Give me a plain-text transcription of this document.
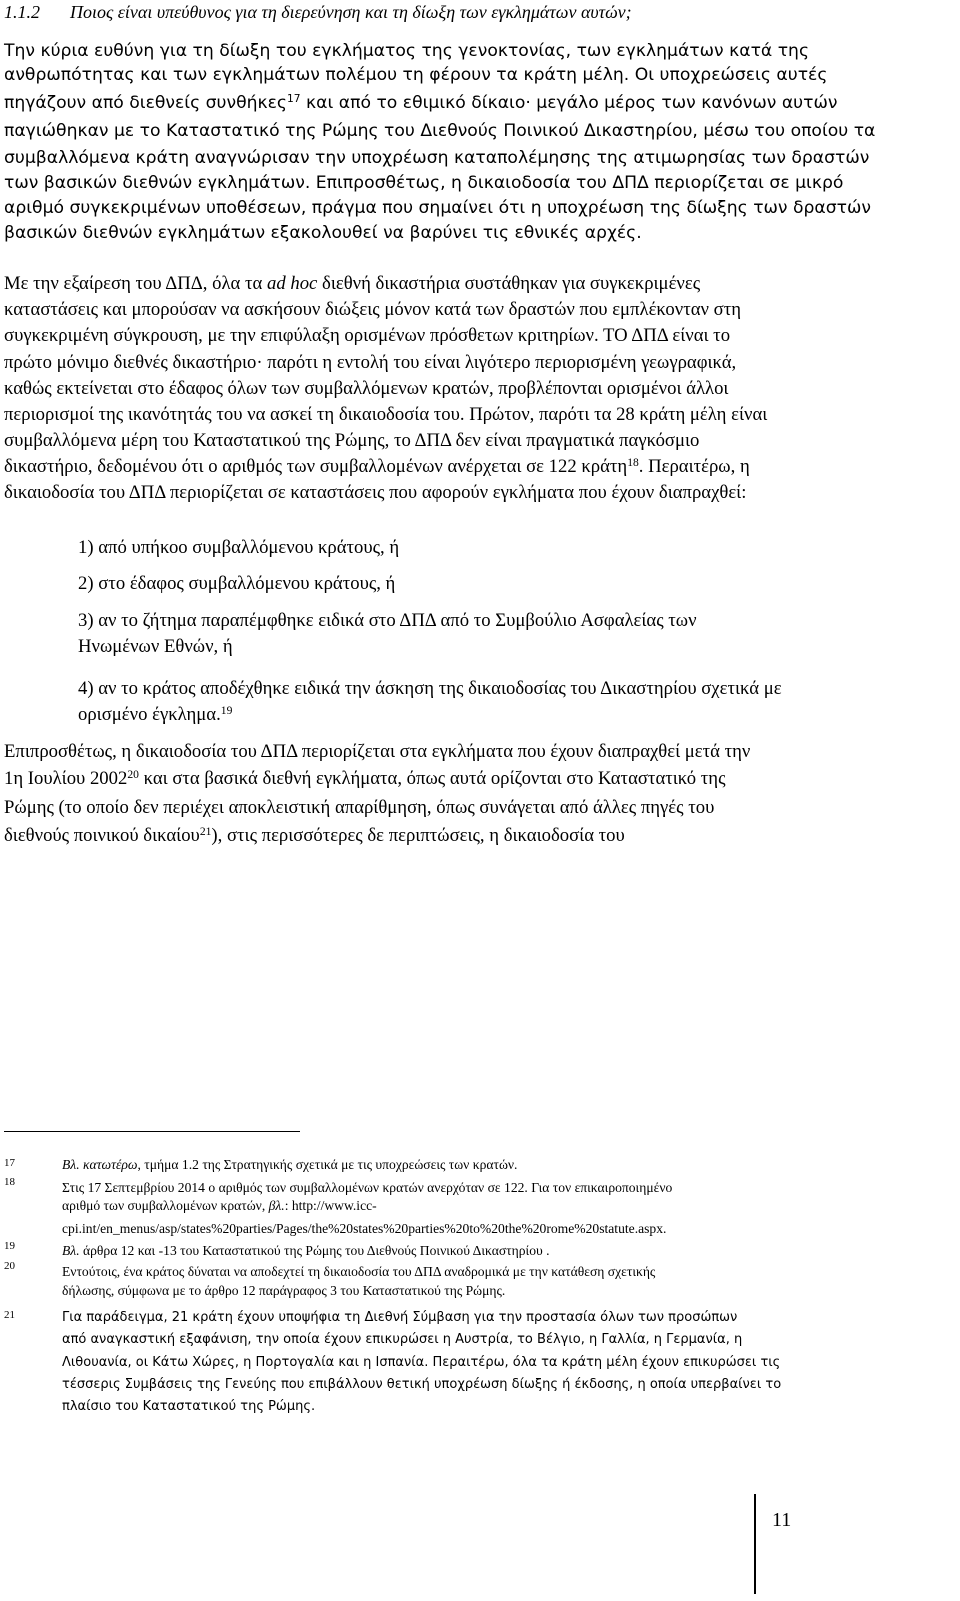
1.1.2 Ποιος είναι υπεύθυνος για τη διερεύνηση και τη δίωξη των εγκλημάτων αυτών;
Την κύρια ευθύνη για τη δίωξη του εγκλήματος της γενοκτονίας, των εγκλημάτων κατά της
ανθρωπότητας και των εγκλημάτων πολέμου τη φέρουν τα κράτη μέλη. Οι υποχρεώσεις αυτές
πηγάζουν από διεθνείς συνθήκες$^{17}$ και από το εθιμικό δίκαιο· μεγάλο μέρος των κανόνων αυτών
παγιώθηκαν με το Καταστατικό της Ρώμης του Διεθνούς Ποινικού Δικαστηρίου, μέσω του οποίου τα
συμβαλλόμενα κράτη αναγνώρισαν την υποχρέωση καταπολέμησης της ατιμωρησίας των δραστών
των βασικών διεθνών εγκλημάτων. Επιπροσθέτως, η δικαιοδοσία του ΔΠΔ περιορίζεται σε μικρό
αριθμό συγκεκριμένων υποθέσεων, πράγμα που σημαίνει ότι η υποχρέωση της δίωξης των δραστών
βασικών διεθνών εγκλημάτων εξακολουθεί να βαρύνει τις εθνικές αρχές.
Με την εξαίρεση του ΔΠΔ, όλα τα ad hoc διεθνή δικαστήρια συστάθηκαν για συγκεκριμένες
καταστάσεις και μπορούσαν να ασκήσουν διώξεις μόνον κατά των δραστών που εμπλέκονταν στη
συγκεκριμένη σύγκρουση, με την επιφύλαξη ορισμένων πρόσθετων κριτηρίων. ΤΟ ΔΠΔ είναι το
πρώτο μόνιμο διεθνές δικαστήριο· παρότι η εντολή του είναι λιγότερο περιορισμένη γεωγραφικά,
καθώς εκτείνεται στο έδαφος όλων των συμβαλλόμενων κρατών, προβλέπονται ορισμένοι άλλοι
περιορισμοί της ικανότητάς του να ασκεί τη δικαιοδοσία του. Πρώτον, παρότι τα 28 κράτη μέλη είναι
συμβαλλόμενα μέρη του Καταστατικού της Ρώμης, το ΔΠΔ δεν είναι πραγματικά παγκόσμιο
δικαστήριο, δεδομένου ότι ο αριθμός των συμβαλλομένων ανέρχεται σε 122 κράτη$^{18}$. Περαιτέρω, η
δικαιοδοσία του ΔΠΔ περιορίζεται σε καταστάσεις που αφορούν εγκλήματα που έχουν διαπραχθεί:
1) από υπήκοο συμβαλλόμενου κράτους, ή
2) στο έδαφος συμβαλλόμενου κράτους, ή
3) αν το ζήτημα παραπέμφθηκε ειδικά στο ΔΠΔ από το Συμβούλιο Ασφαλείας των
Ηνωμένων Εθνών, ή
4) αν το κράτος αποδέχθηκε ειδικά την άσκηση της δικαιοδοσίας του Δικαστηρίου σχετικά με
ορισμένο έγκλημα.$^{19}$
Επιπροσθέτως, η δικαιοδοσία του ΔΠΔ περιορίζεται στα εγκλήματα που έχουν διαπραχθεί μετά την
1η Ιουλίου 2002$^{20}$ και στα βασικά διεθνή εγκλήματα, όπως αυτά ορίζονται στο Καταστατικό της
Ρώμης (το οποίο δεν περιέχει αποκλειστική απαρίθμηση, όπως συνάγεται από άλλες πηγές του
διεθνούς ποινικού δικαίου$^{21}$), στις περισσότερες δε περιπτώσεις, η δικαιοδοσία του
17	Βλ. κατωτέρω, τμήμα 1.2 της Στρατηγικής σχετικά με τις υποχρεώσεις των κρατών.
18	Στις 17 Σεπτεμβρίου 2014 ο αριθμός των συμβαλλομένων κρατών ανερχόταν σε 122. Για τον επικαιροποιημένο
αριθμό των συμβαλλομένων κρατών, βλ.: http://www.icc-
cpi.int/en_menus/asp/states%20parties/Pages/the%20states%20parties%20to%20the%20rome%20statute.aspx.
19	Βλ. άρθρα 12 και -13 του Καταστατικού της Ρώμης του Διεθνούς Ποινικού Δικαστηρίου .
20	Εντούτοις, ένα κράτος δύναται να αποδεχτεί τη δικαιοδοσία του ΔΠΔ αναδρομικά με την κατάθεση σχετικής
δήλωσης, σύμφωνα με το άρθρο 12 παράγραφος 3 του Καταστατικού της Ρώμης.
21	Για παράδειγμα, 21 κράτη έχουν υποψήφια τη Διεθνή Σύμβαση για την προστασία όλων των προσώπων
από αναγκαστική εξαφάνιση, την οποία έχουν επικυρώσει η Αυστρία, το Βέλγιο, η Γαλλία, η Γερμανία, η
Λιθουανία, οι Κάτω Χώρες, η Πορτογαλία και η Ισπανία. Περαιτέρω, όλα τα κράτη μέλη έχουν επικυρώσει τις
τέσσερις Συμβάσεις της Γενεύης που επιβάλλουν θετική υποχρέωση δίωξης ή έκδοσης, η οποία υπερβαίνει το
πλαίσιο του Καταστατικού της Ρώμης.
11
